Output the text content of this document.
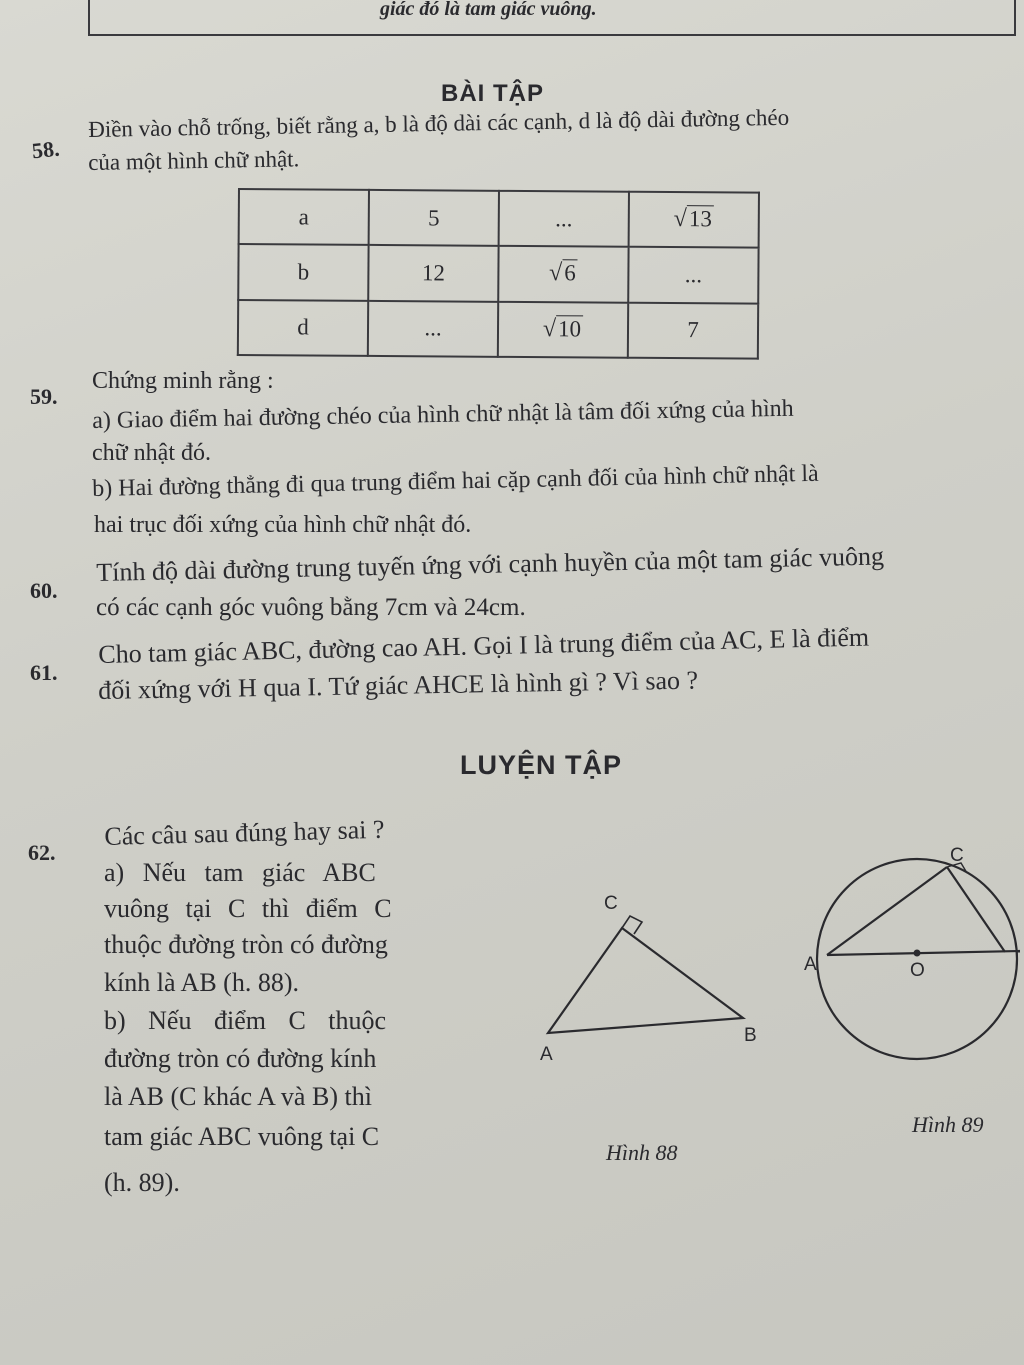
giác đó là tam giác vuông.
BÀI TẬP
58.
Điền vào chỗ trống, biết rằng a, b là độ dài các cạnh, d là độ dài đường chéo
của một hình chữ nhật.
a	5	...	√13
b	12	√6	...
d	...	√10	7
59.
Chứng minh rằng :
a) Giao điểm hai đường chéo của hình chữ nhật là tâm đối xứng của hình
chữ nhật đó.
b) Hai đường thẳng đi qua trung điểm hai cặp cạnh đối của hình chữ nhật là
hai trục đối xứng của hình chữ nhật đó.
60.
Tính độ dài đường trung tuyến ứng với cạnh huyền của một tam giác vuông
có các cạnh góc vuông bằng 7cm và 24cm.
61.
Cho tam giác ABC, đường cao AH. Gọi I là trung điểm của AC, E là điểm
đối xứng với H qua I. Tứ giác AHCE là hình gì ? Vì sao ?
LUYỆN TẬP
62.
Các câu sau đúng hay sai ?
a) Nếu tam giác ABC
vuông tại C thì điểm C
thuộc đường tròn có đường
kính là AB (h. 88).
b) Nếu điểm C thuộc
đường tròn có đường kính
là AB (C khác A và B) thì
tam giác ABC vuông tại C
(h. 89).
C
A
B
Hình 88
C
A	O
Hình 89
